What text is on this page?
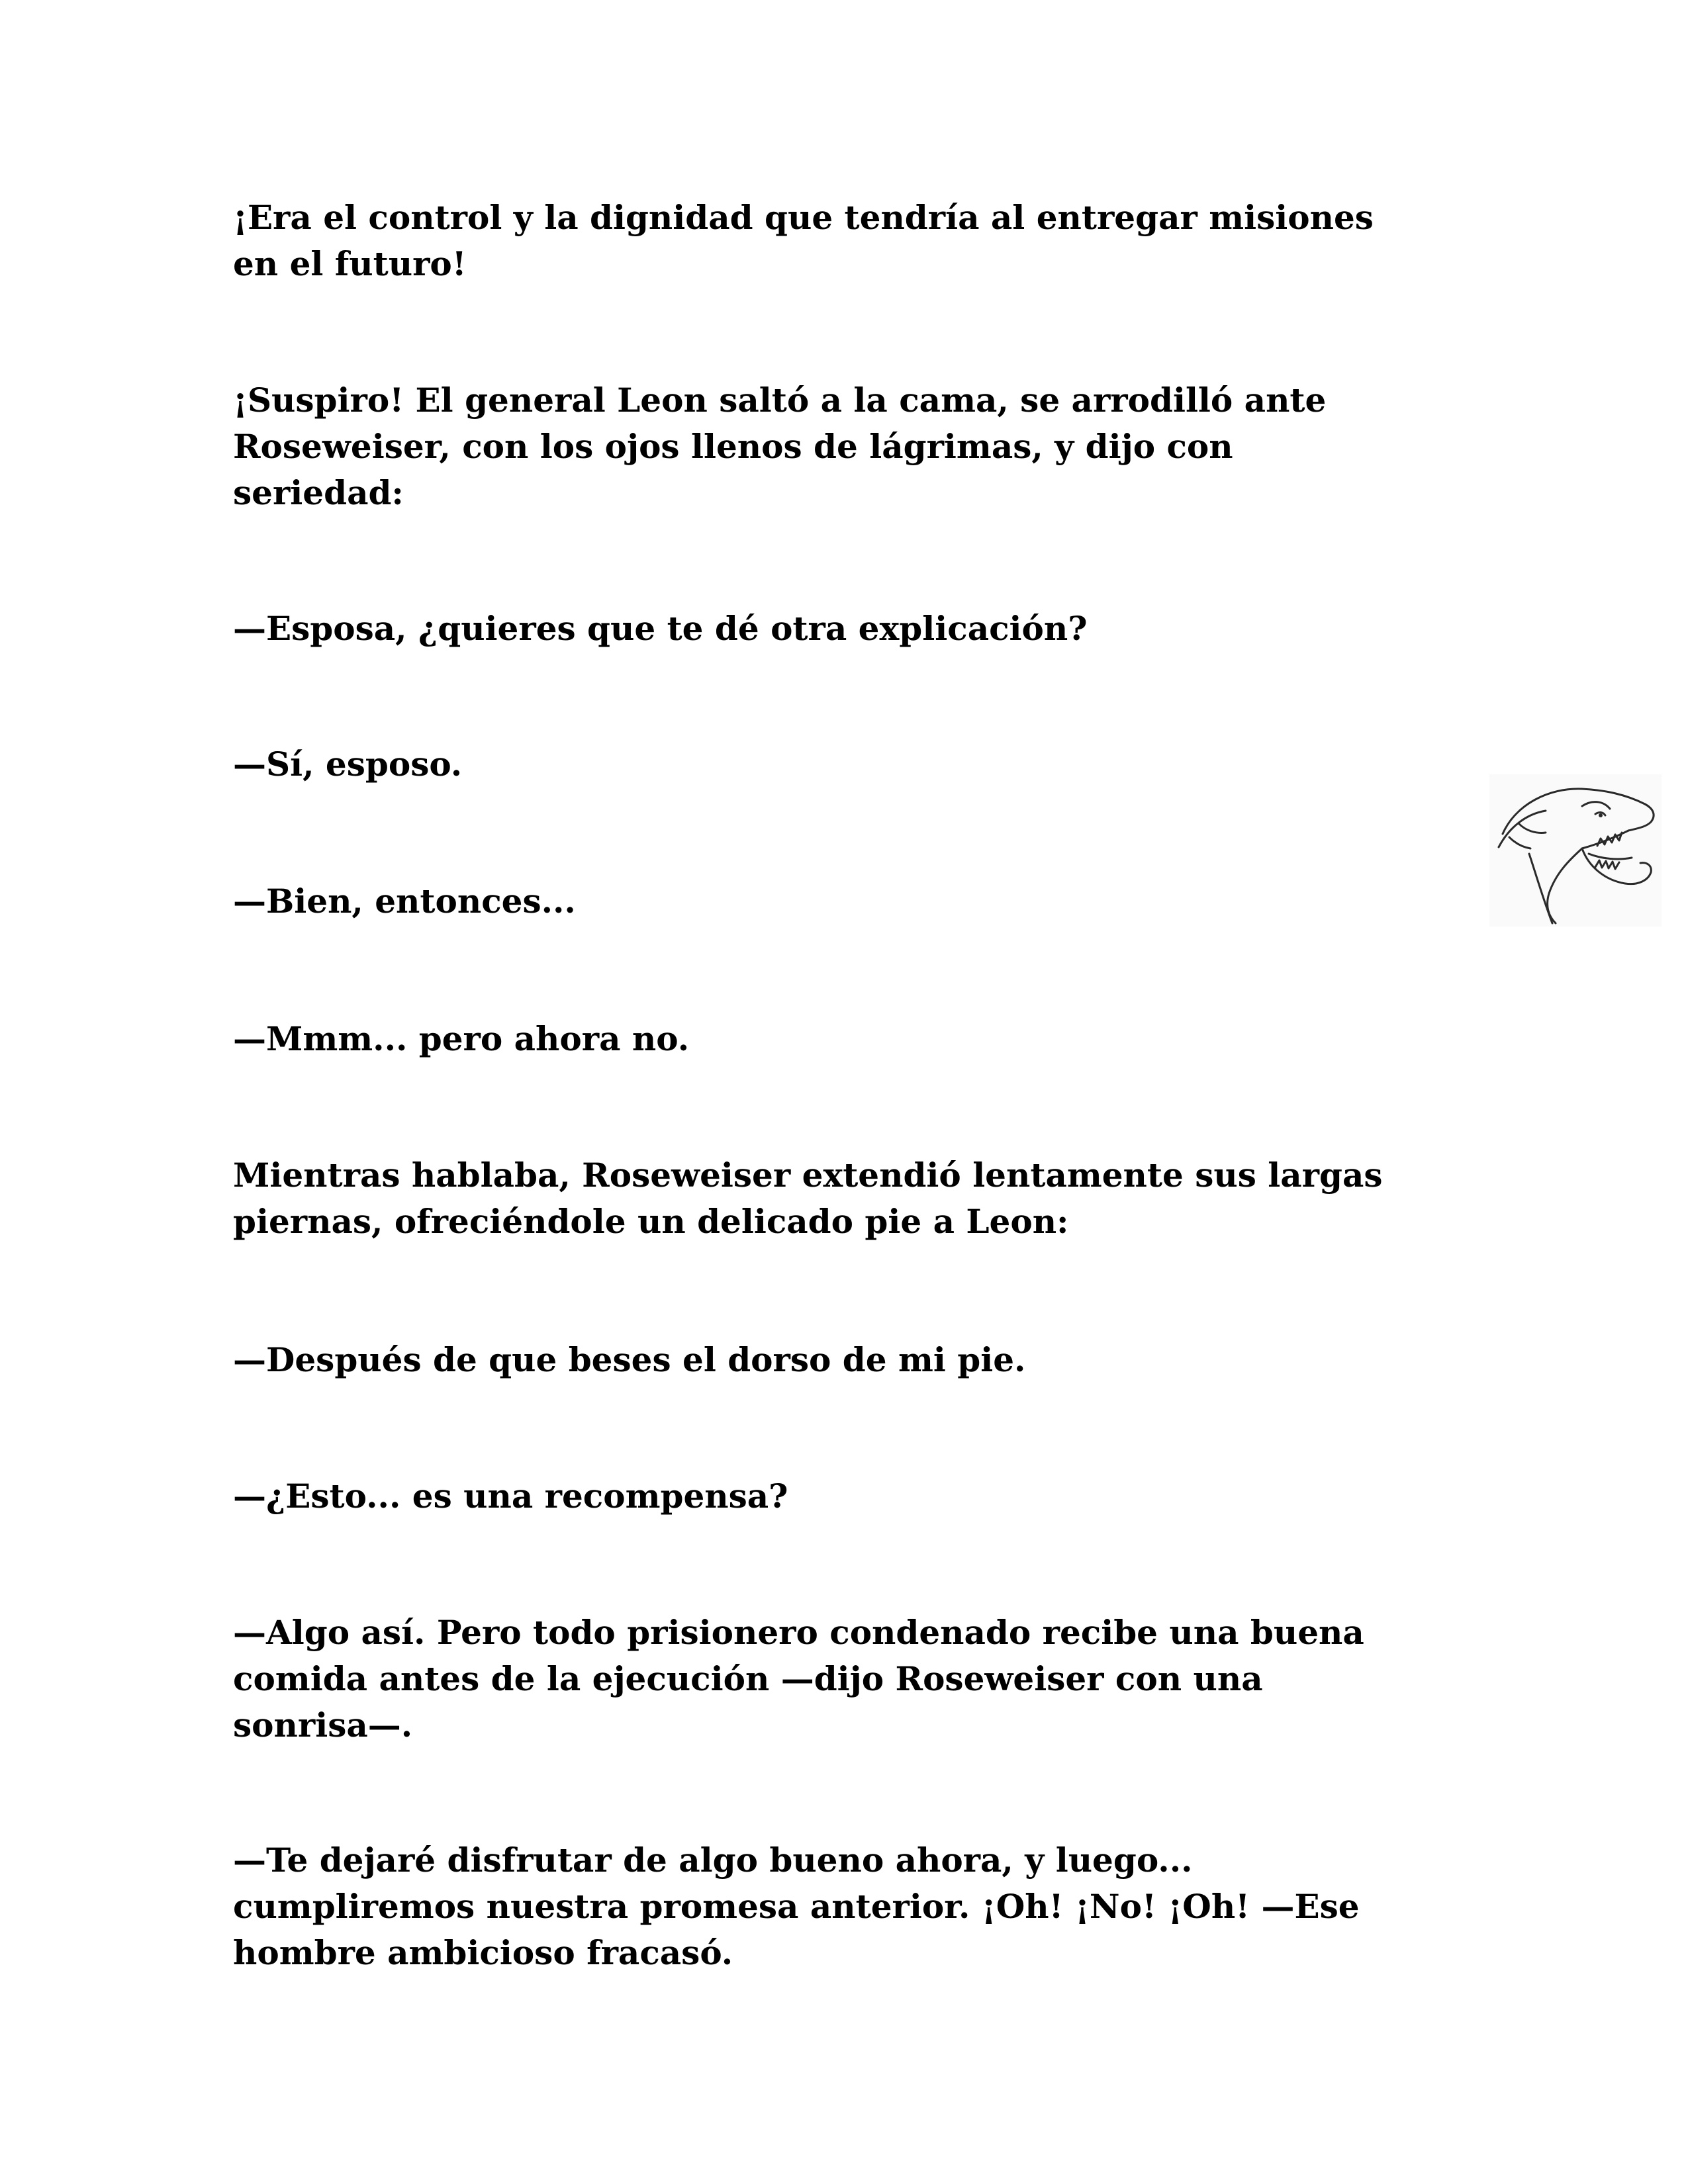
¡Era el control y la dignidad que tendría al entregar misiones
en el futuro!

¡Suspiro! El general Leon saltó a la cama, se arrodilló ante
Roseweiser, con los ojos llenos de lágrimas, y dijo con
seriedad:

—Esposa, ¿quieres que te dé otra explicación?

—Sí, esposo.

—Bien, entonces...

—Mmm... pero ahora no.

Mientras hablaba, Roseweiser extendió lentamente sus largas
piernas, ofreciéndole un delicado pie a Leon:

—Después de que beses el dorso de mi pie.

—¿Esto... es una recompensa?

—Algo así. Pero todo prisionero condenado recibe una buena
comida antes de la ejecución —dijo Roseweiser con una
sonrisa—.

—Te dejaré disfrutar de algo bueno ahora, y luego...
cumpliremos nuestra promesa anterior. ¡Oh! ¡No! ¡Oh! —Ese
hombre ambicioso fracasó.
